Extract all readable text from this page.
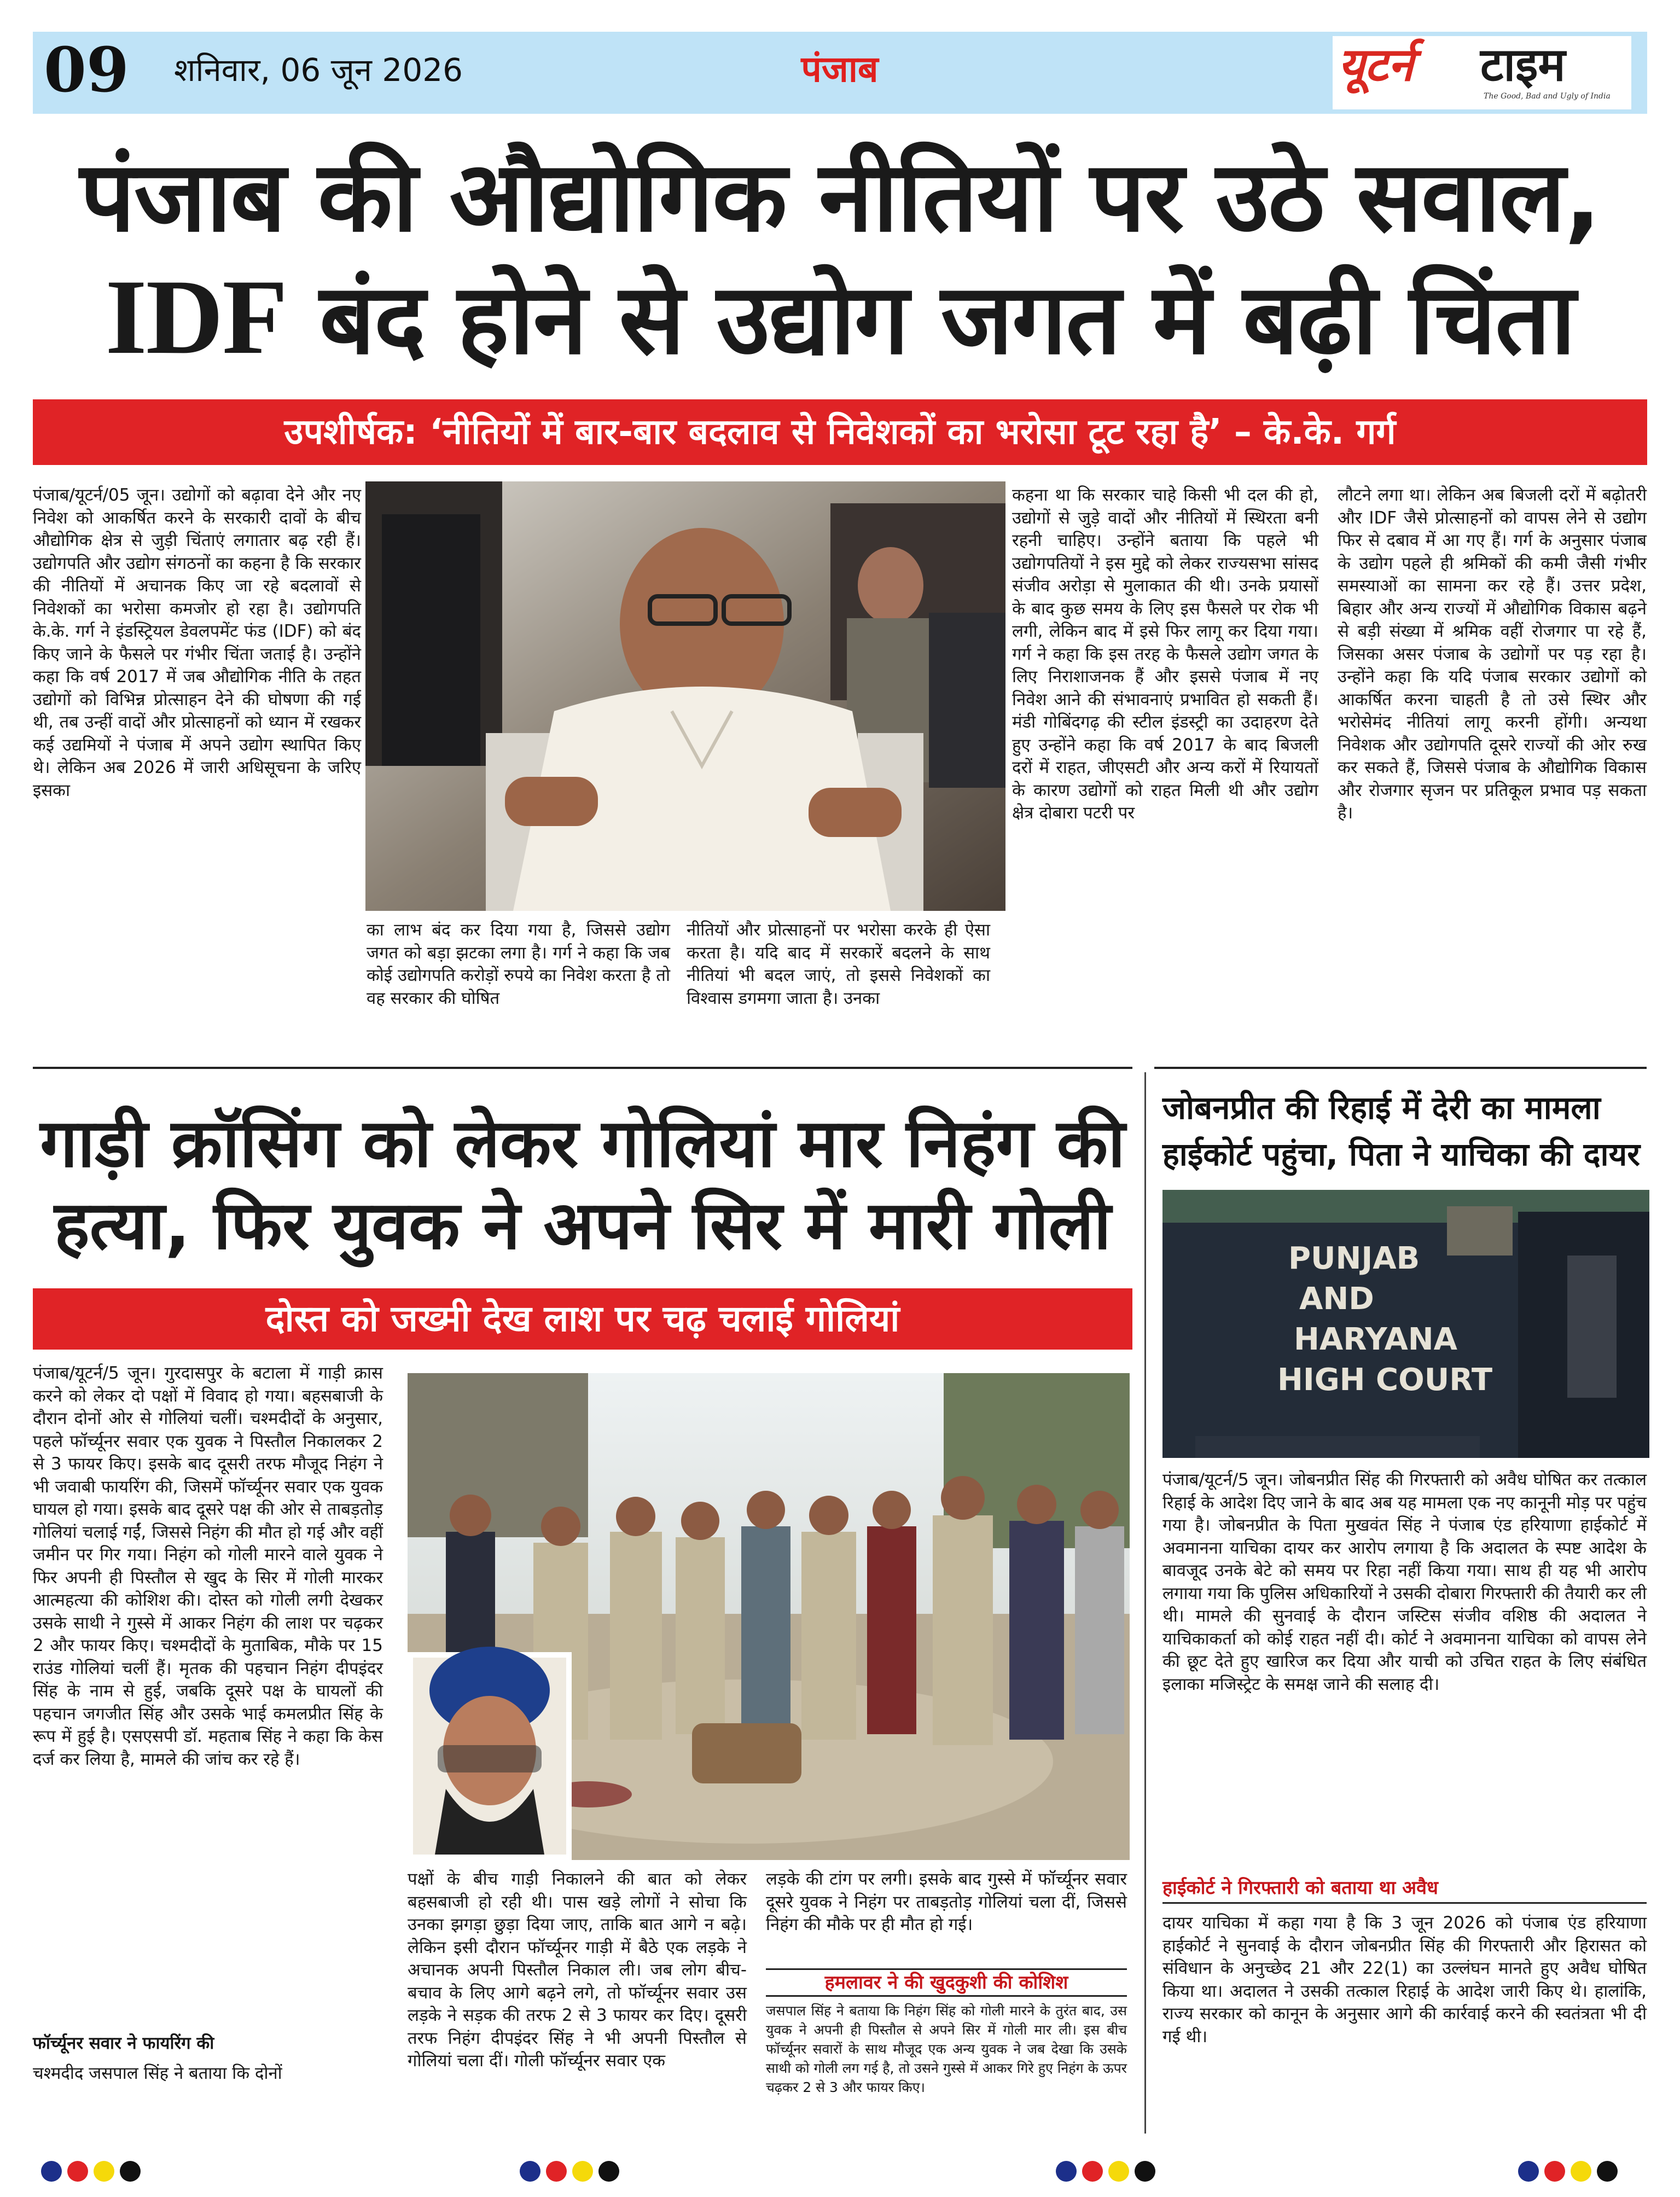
09 शनिवार, 06 जून 2026	पंजाब	यूटर्न टाइम
The Good, Bad and Ugly of India
पंजाब की औद्योगिक नीतियों पर उठे सवाल,
IDF बंद होने से उद्योग जगत में बढ़ी चिंता
उपशीर्षक: ‘नीतियों में बार-बार बदलाव से निवेशकों का भरोसा टूट रहा है’ – के.के. गर्ग
पंजाब/यूटर्न/05 जून। उद्योगों को बढ़ावा देने और नए निवेश को आकर्षित करने के सरकारी दावों के बीच औद्योगिक क्षेत्र से जुड़ी चिंताएं लगातार बढ़ रही हैं। उद्योगपति और उद्योग संगठनों का कहना है कि सरकार की नीतियों में अचानक किए जा रहे बदलावों से निवेशकों का भरोसा कमजोर हो रहा है। उद्योगपति के.के. गर्ग ने इंडस्ट्रियल डेवलपमेंट फंड (IDF) को बंद किए जाने के फैसले पर गंभीर चिंता जताई है। उन्होंने कहा कि वर्ष 2017 में जब औद्योगिक नीति के तहत उद्योगों को विभिन्न प्रोत्साहन देने की घोषणा की गई थी, तब उन्हीं वादों और प्रोत्साहनों को ध्यान में रखकर कई उद्यमियों ने पंजाब में अपने उद्योग स्थापित किए थे। लेकिन अब 2026 में जारी अधिसूचना के जरिए इसका
का लाभ बंद कर दिया गया है, जिससे उद्योग जगत को बड़ा झटका लगा है। गर्ग ने कहा कि जब कोई उद्योगपति करोड़ों रुपये का निवेश करता है तो वह सरकार की घोषित
नीतियों और प्रोत्साहनों पर भरोसा करके ही ऐसा करता है। यदि बाद में सरकारें बदलने के साथ नीतियां भी बदल जाएं, तो इससे निवेशकों का विश्वास डगमगा जाता है। उनका
कहना था कि सरकार चाहे किसी भी दल की हो, उद्योगों से जुड़े वादों और नीतियों में स्थिरता बनी रहनी चाहिए। उन्होंने बताया कि पहले भी उद्योगपतियों ने इस मुद्दे को लेकर राज्यसभा सांसद संजीव अरोड़ा से मुलाकात की थी। उनके प्रयासों के बाद कुछ समय के लिए इस फैसले पर रोक भी लगी, लेकिन बाद में इसे फिर लागू कर दिया गया। गर्ग ने कहा कि इस तरह के फैसले उद्योग जगत के लिए निराशाजनक हैं और इससे पंजाब में नए निवेश आने की संभावनाएं प्रभावित हो सकती हैं। मंडी गोबिंदगढ़ की स्टील इंडस्ट्री का उदाहरण देते हुए उन्होंने कहा कि वर्ष 2017 के बाद बिजली दरों में राहत, जीएसटी और अन्य करों में रियायतों के कारण उद्योगों को राहत मिली थी और उद्योग क्षेत्र दोबारा पटरी पर
लौटने लगा था। लेकिन अब बिजली दरों में बढ़ोतरी और IDF जैसे प्रोत्साहनों को वापस लेने से उद्योग फिर से दबाव में आ गए हैं। गर्ग के अनुसार पंजाब के उद्योग पहले ही श्रमिकों की कमी जैसी गंभीर समस्याओं का सामना कर रहे हैं। उत्तर प्रदेश, बिहार और अन्य राज्यों में औद्योगिक विकास बढ़ने से बड़ी संख्या में श्रमिक वहीं रोजगार पा रहे हैं, जिसका असर पंजाब के उद्योगों पर पड़ रहा है। उन्होंने कहा कि यदि पंजाब सरकार उद्योगों को आकर्षित करना चाहती है तो उसे स्थिर और भरोसेमंद नीतियां लागू करनी होंगी। अन्यथा निवेशक और उद्योगपति दूसरे राज्यों की ओर रुख कर सकते हैं, जिससे पंजाब के औद्योगिक विकास और रोजगार सृजन पर प्रतिकूल प्रभाव पड़ सकता है।
गाड़ी क्रॉसिंग को लेकर गोलियां मार निहंग की
हत्या, फिर युवक ने अपने सिर में मारी गोली
दोस्त को जख्मी देख लाश पर चढ़ चलाई गोलियां
पंजाब/यूटर्न/5 जून। गुरदासपुर के बटाला में गाड़ी क्रास करने को लेकर दो पक्षों में विवाद हो गया। बहसबाजी के दौरान दोनों ओर से गोलियां चलीं। चश्मदीदों के अनुसार, पहले फॉर्च्यूनर सवार एक युवक ने पिस्तौल निकालकर 2 से 3 फायर किए। इसके बाद दूसरी तरफ मौजूद निहंग ने भी जवाबी फायरिंग की, जिसमें फॉर्च्यूनर सवार एक युवक घायल हो गया। इसके बाद दूसरे पक्ष की ओर से ताबड़तोड़ गोलियां चलाई गईं, जिससे निहंग की मौत हो गई और वहीं जमीन पर गिर गया। निहंग को गोली मारने वाले युवक ने फिर अपनी ही पिस्तौल से खुद के सिर में गोली मारकर आत्महत्या की कोशिश की। दोस्त को गोली लगी देखकर उसके साथी ने गुस्से में आकर निहंग की लाश पर चढ़कर 2 और फायर किए। चश्मदीदों के मुताबिक, मौके पर 15 राउंड गोलियां चलीं हैं। मृतक की पहचान निहंग दीपइंदर सिंह के नाम से हुई, जबकि दूसरे पक्ष के घायलों की पहचान जगजीत सिंह और उसके भाई कमलप्रीत सिंह के रूप में हुई है। एसएसपी डॉ. महताब सिंह ने कहा कि केस दर्ज कर लिया है, मामले की जांच कर रहे हैं।
फॉर्च्यूनर सवार ने फायरिंग की
चश्मदीद जसपाल सिंह ने बताया कि दोनों
पक्षों के बीच गाड़ी निकालने की बात को लेकर बहसबाजी हो रही थी। पास खड़े लोगों ने सोचा कि उनका झगड़ा छुड़ा दिया जाए, ताकि बात आगे न बढ़े। लेकिन इसी दौरान फॉर्च्यूनर गाड़ी में बैठे एक लड़के ने अचानक अपनी पिस्तौल निकाल ली। जब लोग बीच-बचाव के लिए आगे बढ़ने लगे, तो फॉर्च्यूनर सवार उस लड़के ने सड़क की तरफ 2 से 3 फायर कर दिए। दूसरी तरफ निहंग दीपइंदर सिंह ने भी अपनी पिस्तौल से गोलियां चला दीं। गोली फॉर्च्यूनर सवार एक
लड़के की टांग पर लगी। इसके बाद गुस्से में फॉर्च्यूनर सवार दूसरे युवक ने निहंग पर ताबड़तोड़ गोलियां चला दीं, जिससे निहंग की मौके पर ही मौत हो गई।
हमलावर ने की खुदकुशी की कोशिश
जसपाल सिंह ने बताया कि निहंग सिंह को गोली मारने के तुरंत बाद, उस युवक ने अपनी ही पिस्तौल से अपने सिर में गोली मार ली। इस बीच फॉर्च्यूनर सवारों के साथ मौजूद एक अन्य युवक ने जब देखा कि उसके साथी को गोली लग गई है, तो उसने गुस्से में आकर गिरे हुए निहंग के ऊपर चढ़कर 2 से 3 और फायर किए।
जोबनप्रीत की रिहाई में देरी का मामला
हाईकोर्ट पहुंचा, पिता ने याचिका की दायर
PUNJAB
AND
HARYANA
HIGH COURT
पंजाब/यूटर्न/5 जून। जोबनप्रीत सिंह की गिरफ्तारी को अवैध घोषित कर तत्काल रिहाई के आदेश दिए जाने के बाद अब यह मामला एक नए कानूनी मोड़ पर पहुंच गया है। जोबनप्रीत के पिता मुखवंत सिंह ने पंजाब एंड हरियाणा हाईकोर्ट में अवमानना याचिका दायर कर आरोप लगाया है कि अदालत के स्पष्ट आदेश के बावजूद उनके बेटे को समय पर रिहा नहीं किया गया। साथ ही यह भी आरोप लगाया गया कि पुलिस अधिकारियों ने उसकी दोबारा गिरफ्तारी की तैयारी कर ली थी। मामले की सुनवाई के दौरान जस्टिस संजीव वशिष्ठ की अदालत ने याचिकाकर्ता को कोई राहत नहीं दी। कोर्ट ने अवमानना याचिका को वापस लेने की छूट देते हुए खारिज कर दिया और याची को उचित राहत के लिए संबंधित इलाका मजिस्ट्रेट के समक्ष जाने की सलाह दी।
हाईकोर्ट ने गिरफ्तारी को बताया था अवैध
दायर याचिका में कहा गया है कि 3 जून 2026 को पंजाब एंड हरियाणा हाईकोर्ट ने सुनवाई के दौरान जोबनप्रीत सिंह की गिरफ्तारी और हिरासत को संविधान के अनुच्छेद 21 और 22(1) का उल्लंघन मानते हुए अवैध घोषित किया था। अदालत ने उसकी तत्काल रिहाई के आदेश जारी किए थे। हालांकि, राज्य सरकार को कानून के अनुसार आगे की कार्रवाई करने की स्वतंत्रता भी दी गई थी।
